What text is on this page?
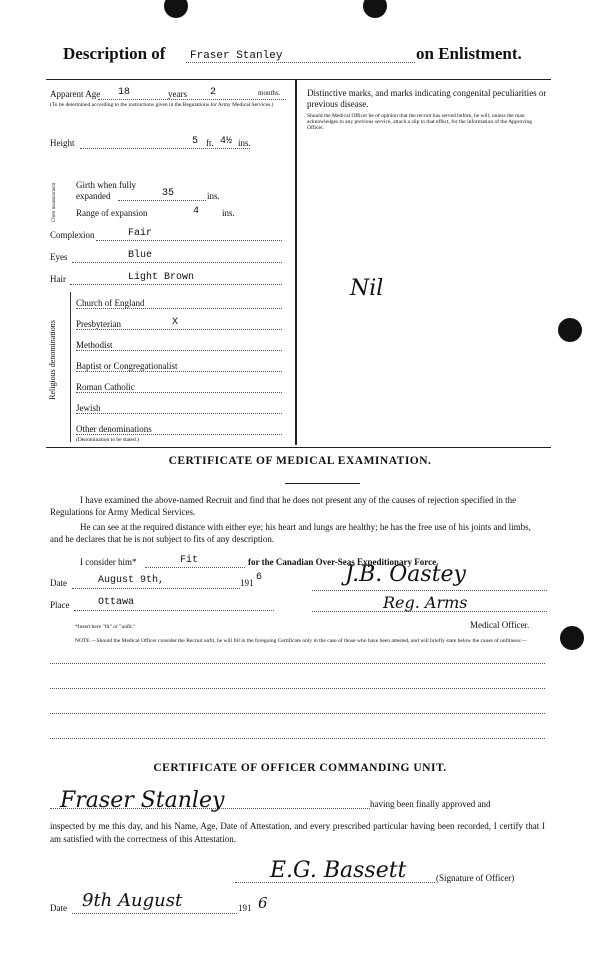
Description of Fraser Stanley	on Enlistment.
Apparent Age 18	years 2	months.
(To be determined according to the instructions given in the Regulations for Army Medical Services.)
Height	5 ft. 4½ ins.
Chest measurement Girth when fully expanded	35	ins.
Range of expansion	4	ins.
Complexion	Fair
Eyes	Blue
Hair	Light Brown
Religious denominations
(Denomination to be stated.)
Distinctive marks, and marks indicating congenital peculiarities or previous disease.
Should the Medical Officer be of opinion that the recruit has served before, he will, unless the man acknowledges to any previous service, attach a slip to that effect, for the information of the Approving Officer.
Nil
CERTIFICATE OF MEDICAL EXAMINATION.
I have examined the above-named Recruit and find that he does not present any of the causes of rejection specified in the Regulations for Army Medical Services.
He can see at the required distance with either eye; his heart and lungs are healthy; he has the free use of his joints and limbs, and he declares that he is not subject to fits of any description.
I consider him*	Fit	for the Canadian Over-Seas Expeditionary Force.
Date	August 9th,	191 6
Place	Ottawa
J.B. Oastey
Reg. Arms
Medical Officer.
*Insert here "fit" or "unfit."
NOTE.—Should the Medical Officer consider the Recruit unfit, he will fill in the foregoing Certificate only in the case of those who have been attested, and will briefly state below the cause of unfitness:—
CERTIFICATE OF OFFICER COMMANDING UNIT.
Fraser Stanley	having been finally approved and
inspected by me this day, and his Name, Age, Date of Attestation, and every prescribed particular having been recorded, I certify that I am satisfied with the correctness of this Attestation.
E.G. Bassett	(Signature of Officer)
Date 9th August	191 6
Church of England
Presbyterian	X
Methodist
Baptist or Congregationalist
Roman Catholic
Jewish
Other denominations
